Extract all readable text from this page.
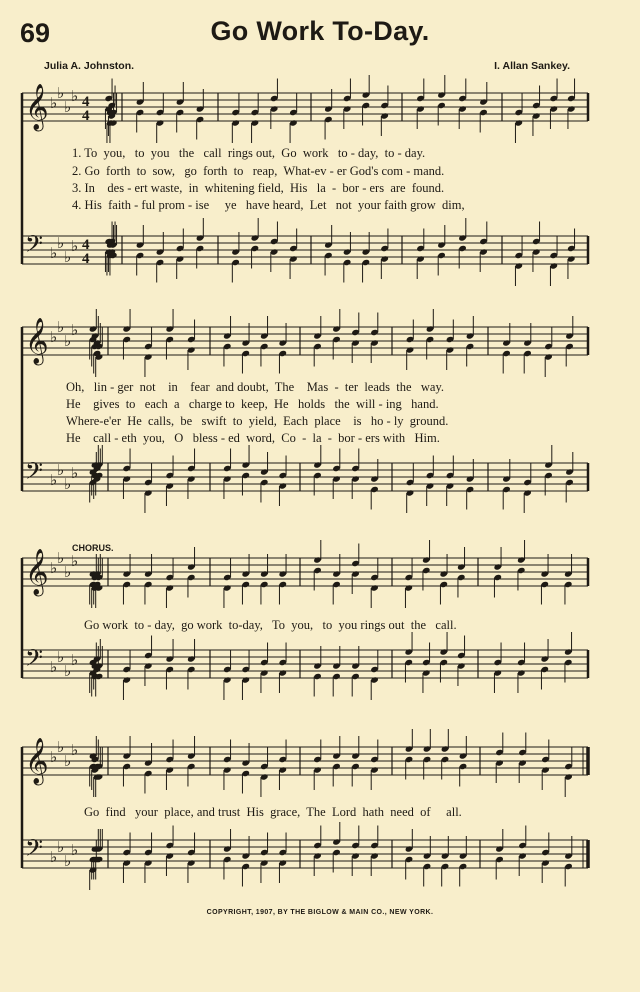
69	Go Work To-Day.
Julia A. Johnston.	I. Allan Sankey.
𝄞 ♭
♭
♭
♭ 4
4
𝄢 ♭
♭
♭
♭ 4
4
𝄞 ♭
♭
♭
♭
𝄢 ♭
♭
♭
♭
𝄞 ♭
♭
♭
♭
𝄢 ♭
♭
♭
♭
𝄞 ♭
♭
♭
♭
𝄢 ♭
♭
♭
♭
1. To  you,   to  you   the   call  rings out,  Go  work   to - day,  to - day.
2. Go  forth  to  sow,   go  forth  to   reap,  What-ev - er God's com - mand.
3. In    des - ert waste,  in  whitening field,  His   la  -  bor - ers  are  found.
4. His  faith - ful prom - ise     ye   have heard,  Let   not  your faith grow  dim,
Oh,   lin - ger  not    in    fear  and doubt,  The    Mas  -  ter  leads  the   way.
He    gives  to   each  a   charge to  keep,  He   holds   the  will - ing   hand.
Where-e'er  He  calls,  be   swift  to  yield,  Each  place    is   ho - ly  ground.
He    call - eth  you,   O   bless - ed  word,  Co  -  la  -  bor - ers with   Him.
CHORUS.
Go work  to - day,  go work  to-day,   To  you,   to  you rings out  the   call.
Go  find   your  place, and trust  His  grace,  The  Lord  hath  need  of     all.
COPYRIGHT, 1907, BY THE BIGLOW & MAIN CO., NEW YORK.
